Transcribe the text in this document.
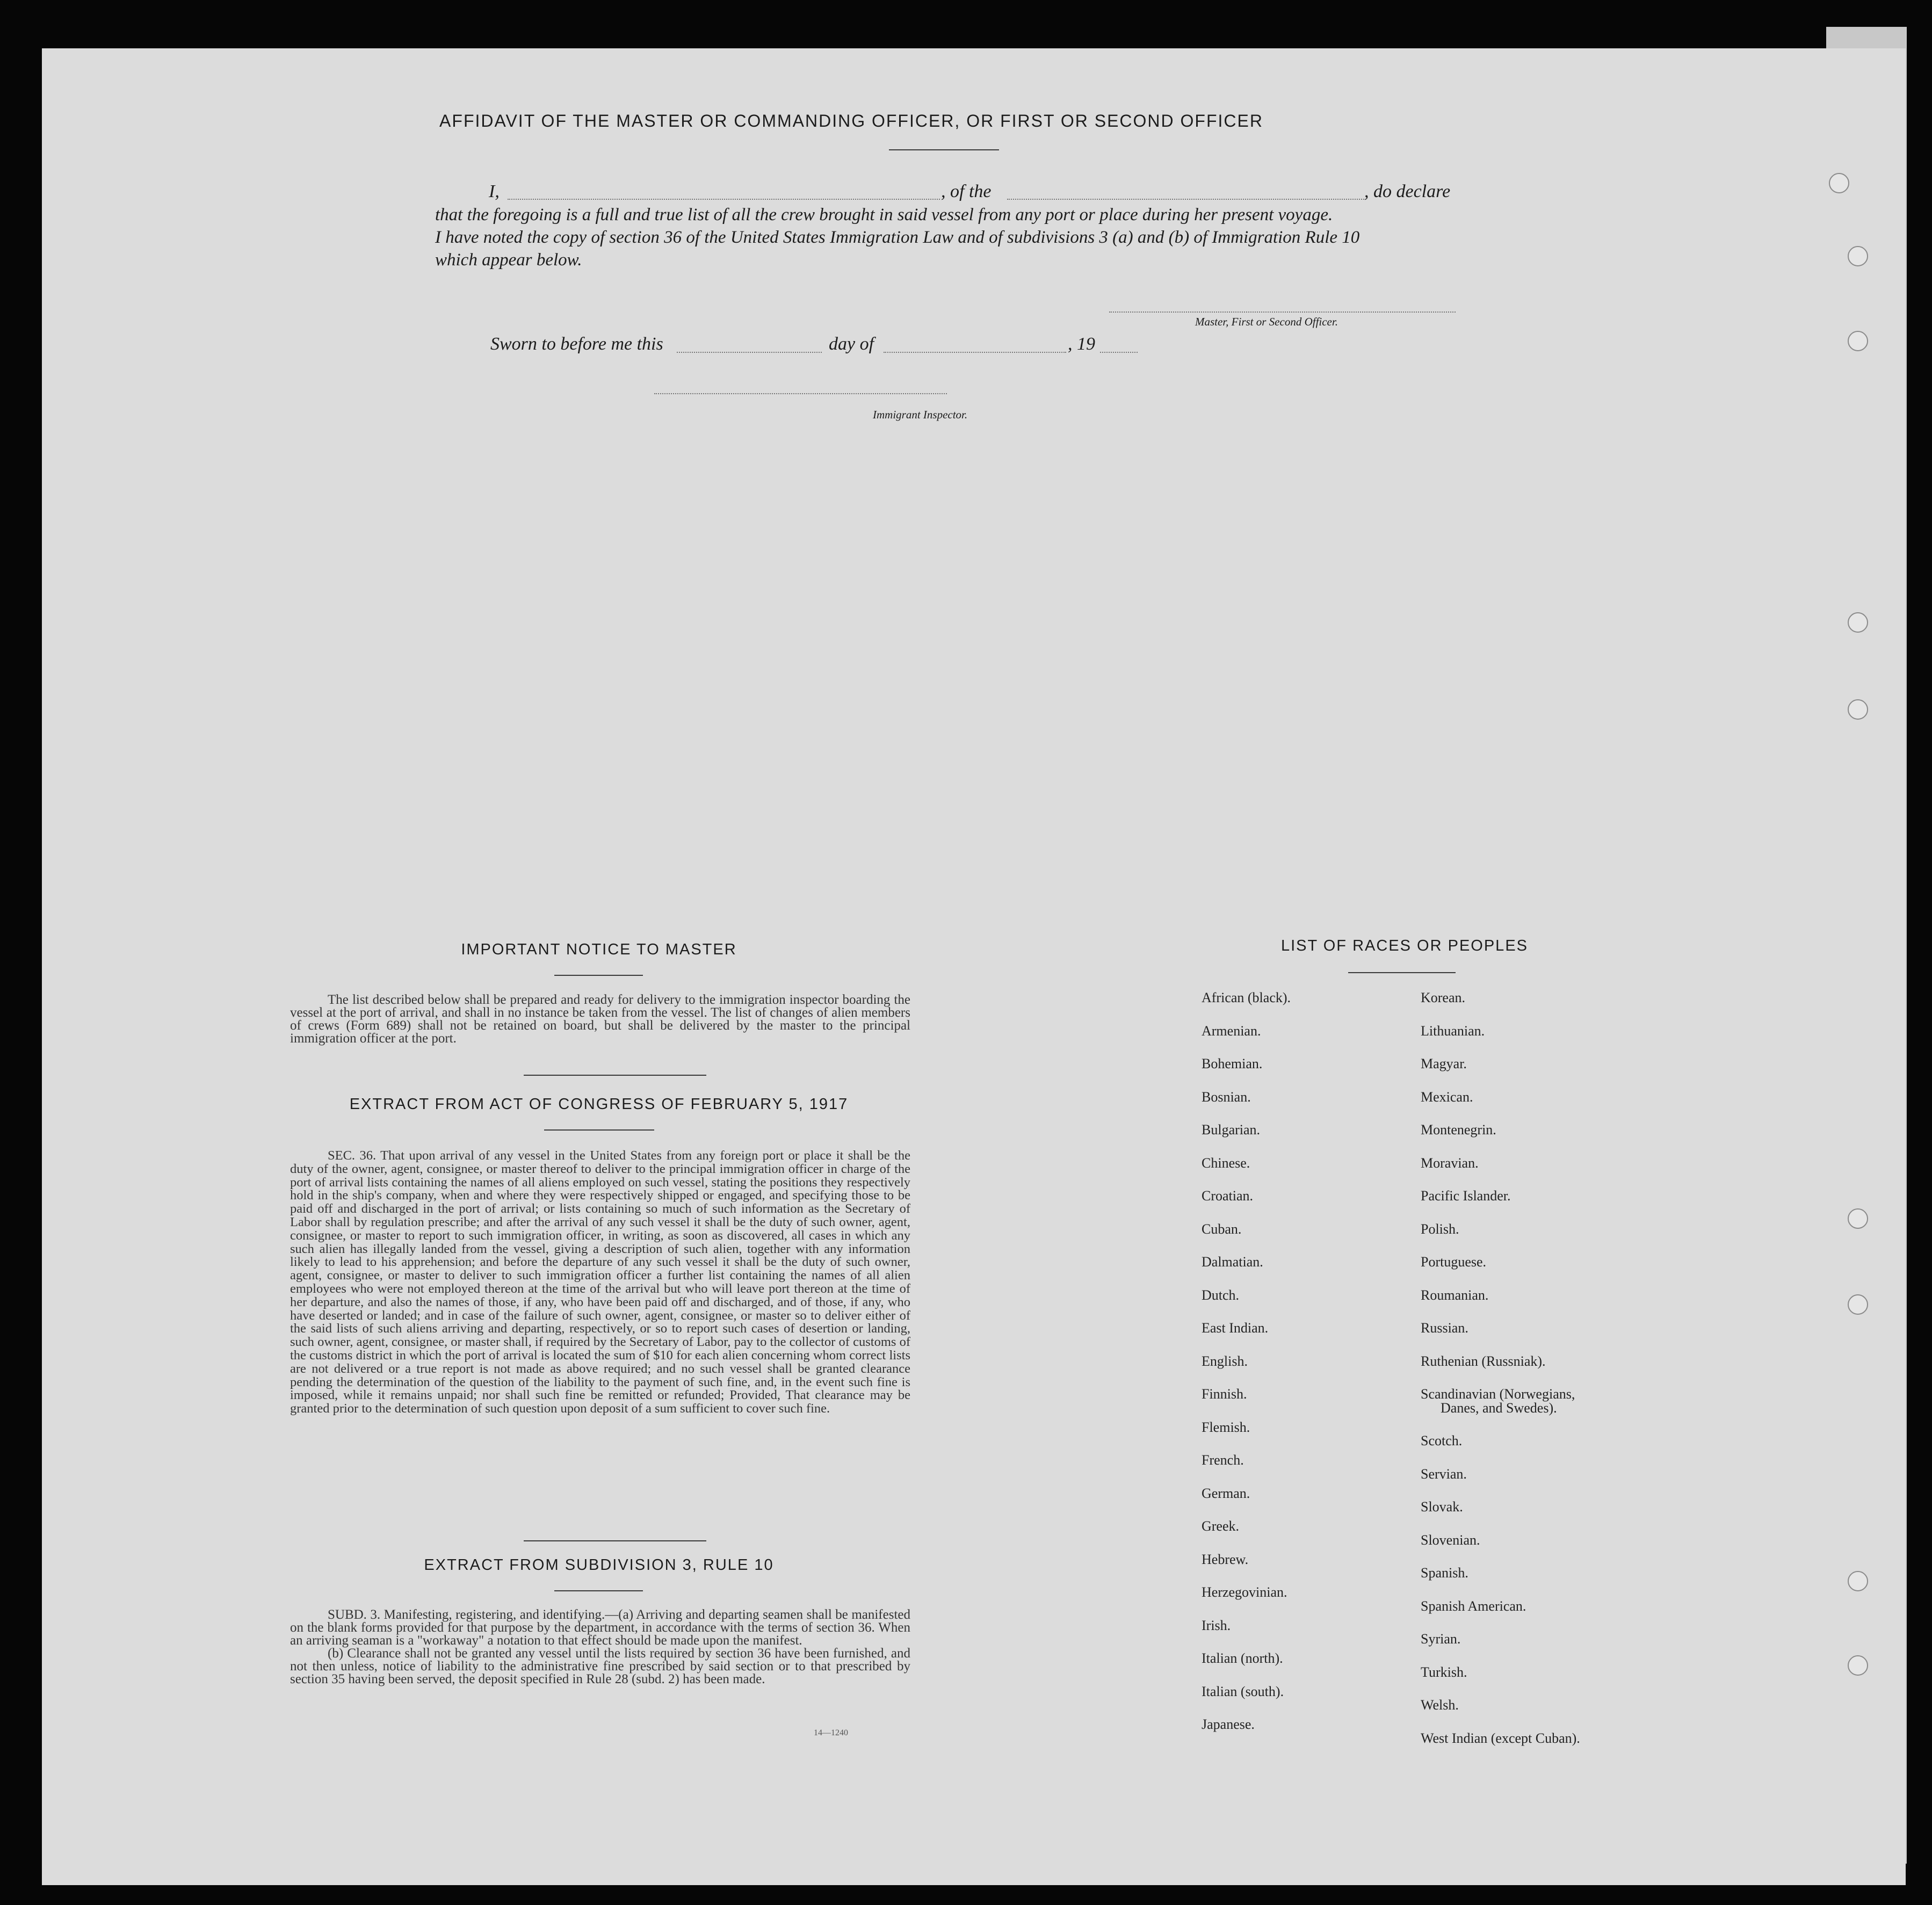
AFFIDAVIT OF THE MASTER OR COMMANDING OFFICER, OR FIRST OR SECOND OFFICER
I,	, of the	, do declare
that the foregoing is a full and true list of all the crew brought in said vessel from any port or place during her present voyage.
I have noted the copy of section 36 of the United States Immigration Law and of subdivisions 3 (a) and (b) of Immigration Rule 10
which appear below.
Master, First or Second Officer.
Sworn to before me this	day of	, 19
Immigrant Inspector.
IMPORTANT NOTICE TO MASTER

The list described below shall be prepared and ready for delivery to the immigration inspector boarding the vessel at the port of arrival, and shall in no instance be taken from the vessel. The list of changes of alien members of crews (Form 689) shall not be retained on board, but shall be delivered by the master to the principal immigration officer at the port.

EXTRACT FROM ACT OF CONGRESS OF FEBRUARY 5, 1917

SEC. 36. That upon arrival of any vessel in the United States from any foreign port or place it shall be the duty of the owner, agent, consignee, or master thereof to deliver to the principal immigration officer in charge of the port of arrival lists containing the names of all aliens employed on such vessel, stating the positions they respectively hold in the ship's company, when and where they were respectively shipped or engaged, and specifying those to be paid off and discharged in the port of arrival; or lists containing so much of such information as the Secretary of Labor shall by regulation prescribe; and after the arrival of any such vessel it shall be the duty of such owner, agent, consignee, or master to report to such immigration officer, in writing, as soon as discovered, all cases in which any such alien has illegally landed from the vessel, giving a description of such alien, together with any information likely to lead to his apprehension; and before the departure of any such vessel it shall be the duty of such owner, agent, consignee, or master to deliver to such immigration officer a further list containing the names of all alien employees who were not employed thereon at the time of the arrival but who will leave port thereon at the time of her departure, and also the names of those, if any, who have been paid off and discharged, and of those, if any, who have deserted or landed; and in case of the failure of such owner, agent, consignee, or master so to deliver either of the said lists of such aliens arriving and departing, respectively, or so to report such cases of desertion or landing, such owner, agent, consignee, or master shall, if required by the Secretary of Labor, pay to the collector of customs of the customs district in which the port of arrival is located the sum of $10 for each alien concerning whom correct lists are not delivered or a true report is not made as above required; and no such vessel shall be granted clearance pending the determination of the question of the liability to the payment of such fine, and, in the event such fine is imposed, while it remains unpaid; nor shall such fine be remitted or refunded; Provided, That clearance may be granted prior to the determination of such question upon deposit of a sum sufficient to cover such fine.

EXTRACT FROM SUBDIVISION 3, RULE 10

SUBD. 3. Manifesting, registering, and identifying.—(a) Arriving and departing seamen shall be manifested on the blank forms provided for that purpose by the department, in accordance with the terms of section 36. When an arriving seaman is a "workaway" a notation to that effect should be made upon the manifest.

(b) Clearance shall not be granted any vessel until the lists required by section 36 have been furnished, and not then unless, notice of liability to the administrative fine prescribed by said section or to that prescribed by section 35 having been served, the deposit specified in Rule 28 (subd. 2) has been made.

14—1240
LIST OF RACES OR PEOPLES
African (black).
Armenian.
Bohemian.
Bosnian.
Bulgarian.
Chinese.
Croatian.
Cuban.
Dalmatian.
Dutch.
East Indian.
English.
Finnish.
Flemish.
French.
German.
Greek.
Hebrew.
Herzegovinian.
Irish.
Italian (north).
Italian (south).
Japanese.
Korean.
Lithuanian.
Magyar.
Mexican.
Montenegrin.
Moravian.
Pacific Islander.
Polish.
Portuguese.
Roumanian.
Russian.
Ruthenian (Russniak).
Scandinavian (Norwegians,
Danes, and Swedes).
Scotch.
Servian.
Slovak.
Slovenian.
Spanish.
Spanish American.
Syrian.
Turkish.
Welsh.
West Indian (except Cuban).
